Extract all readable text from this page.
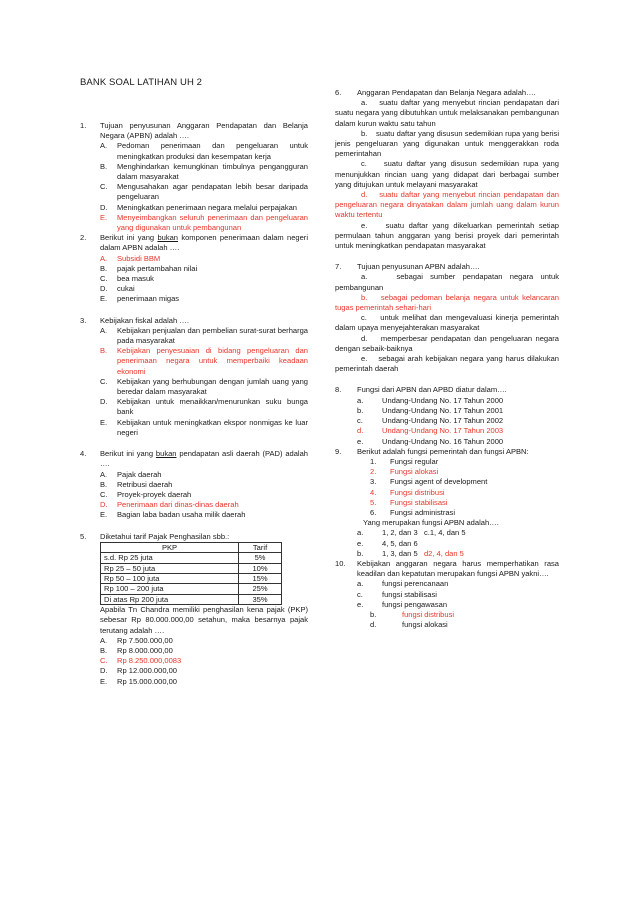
BANK SOAL LATIHAN UH 2
1.	Tujuan penyusunan Anggaran Pendapatan dan Belanja Negara (APBN) adalah ….
A.	Pedoman penerimaan dan pengeluaran untuk meningkatkan produksi dan kesempatan kerja
B.	Menghindarkan kemungkinan timbulnya pengangguran dalam masyarakat
C.	Mengusahakan agar pendapatan lebih besar daripada pengeluaran
D.	Meningkatkan penerimaan negara melalui perpajakan
E.	Menyeimbangkan seluruh penerimaan dan pengeluaran yang digunakan untuk pembangunan
2.	Berikut ini yang bukan komponen penerimaan dalam negeri dalam APBN adalah ….
A.	Subsidi BBM
B.	pajak pertambahan nilai
C.	bea masuk
D.	cukai
E.	penerimaan migas
3.	Kebijakan fiskal adalah ….
A.	Kebijakan penjualan dan pembelian surat-surat berharga pada masyarakat
B.	Kebijakan penyesuaian di bidang pengeluaran dan penerimaan negara untuk memperbaiki keadaan ekonomi
C.	Kebijakan yang berhubungan dengan jumlah uang yang beredar dalam masyarakat
D.	Kebijakan untuk menaikkan/menurunkan suku bunga bank
E.	Kebijakan untuk meningkatkan ekspor nonmigas ke luar negeri
4.	Berikut ini yang bukan pendapatan asli daerah (PAD) adalah ….
A.	Pajak daerah
B.	Retribusi daerah
C.	Proyek-proyek daerah
D.	Penerimaan dari dinas-dinas daerah
E.	Bagian laba badan usaha milik daerah
5.	Diketahui tarif Pajak Penghasilan sbb.:
PKP	Tarif
s.d. Rp 25 juta	5%
Rp 25 – 50 juta	10%
Rp 50 – 100 juta	15%
Rp 100 – 200 juta	25%
Di atas Rp 200 juta	35%
Apabila Tn Chandra memiliki penghasilan kena pajak (PKP) sebesar Rp 80.000.000,00 setahun, maka besarnya pajak terutang adalah ….
A.	Rp 7.500.000,00
B.	Rp 8.000.000,00
C.	Rp 8.250.000,0083
D.	Rp 12.000.000,00
E.	Rp 15.000.000,00
6.	Anggaran Pendapatan dan Belanja Negara adalah….
a. suatu daftar yang menyebut rincian pendapatan dari suatu negara yang dibutuhkan untuk melaksanakan pembangunan dalam kurun waktu satu tahun
b. suatu daftar yang disusun sedemikian rupa yang berisi jenis pengeluaran yang digunakan untuk menggerakkan roda pemerintahan
c. suatu daftar yang disusun sedemikian rupa yang menunjukkan rincian uang yang didapat dari berbagai sumber yang ditujukan untuk melayani masyarakat
d. suatu daftar yang menyebut rincian pendapatan dan pengeluaran negara dinyatakan dalam jumlah uang dalam kurun waktu tertentu
e. suatu daftar yang dikeluarkan pemerintah setiap permulaan tahun anggaran yang berisi proyek dari pemerintah untuk meningkatkan pendapatan masyarakat
7.	Tujuan penyusunan APBN adalah….
a.	sebagai sumber pendapatan negara untuk pembangunan
b. sebagai pedoman belanja negara untuk kelancaran tugas pemerintah sehari-hari
c. untuk melihat dan mengevaluasi kinerja pemerintah dalam upaya menyejahterakan masyarakat
d. memperbesar pendapatan dan pengeluaran negara dengan sebaik-baiknya
e. sebagai arah kebijakan negara yang harus dilakukan pemerintah daerah
8.	Fungsi dari APBN dan APBD diatur dalam….
a.	Undang-Undang No. 17 Tahun 2000
b.	Undang-Undang No. 17 Tahun 2001
c.	Undang-Undang No. 17 Tahun 2002
d.	Undang-Undang No. 17 Tahun 2003
e.	Undang-Undang No. 16 Tahun 2000
9.	Berikut adalah fungsi pemerintah dan fungsi APBN:
1.	Fungsi regular
2.	Fungsi alokasi
3.	Fungsi agent of development
4.	Fungsi distribusi
5.	Fungsi stabilisasi
6.	Fungsi administrasi
Yang merupakan fungsi APBN adalah….
a.	1, 2, dan 3 c.1, 4, dan 5
e.	4, 5, dan 6
b.	1, 3, dan 5 d2, 4, dan 5
10.	Kebijakan anggaran negara harus memperhatikan rasa keadilan dan kepatutan merupakan fungsi APBN yakni….
a.	fungsi perencanaan
c.	fungsi stabilisasi
e.	fungsi pengawasan
b.	fungsi distribusi
d.	fungsi alokasi
